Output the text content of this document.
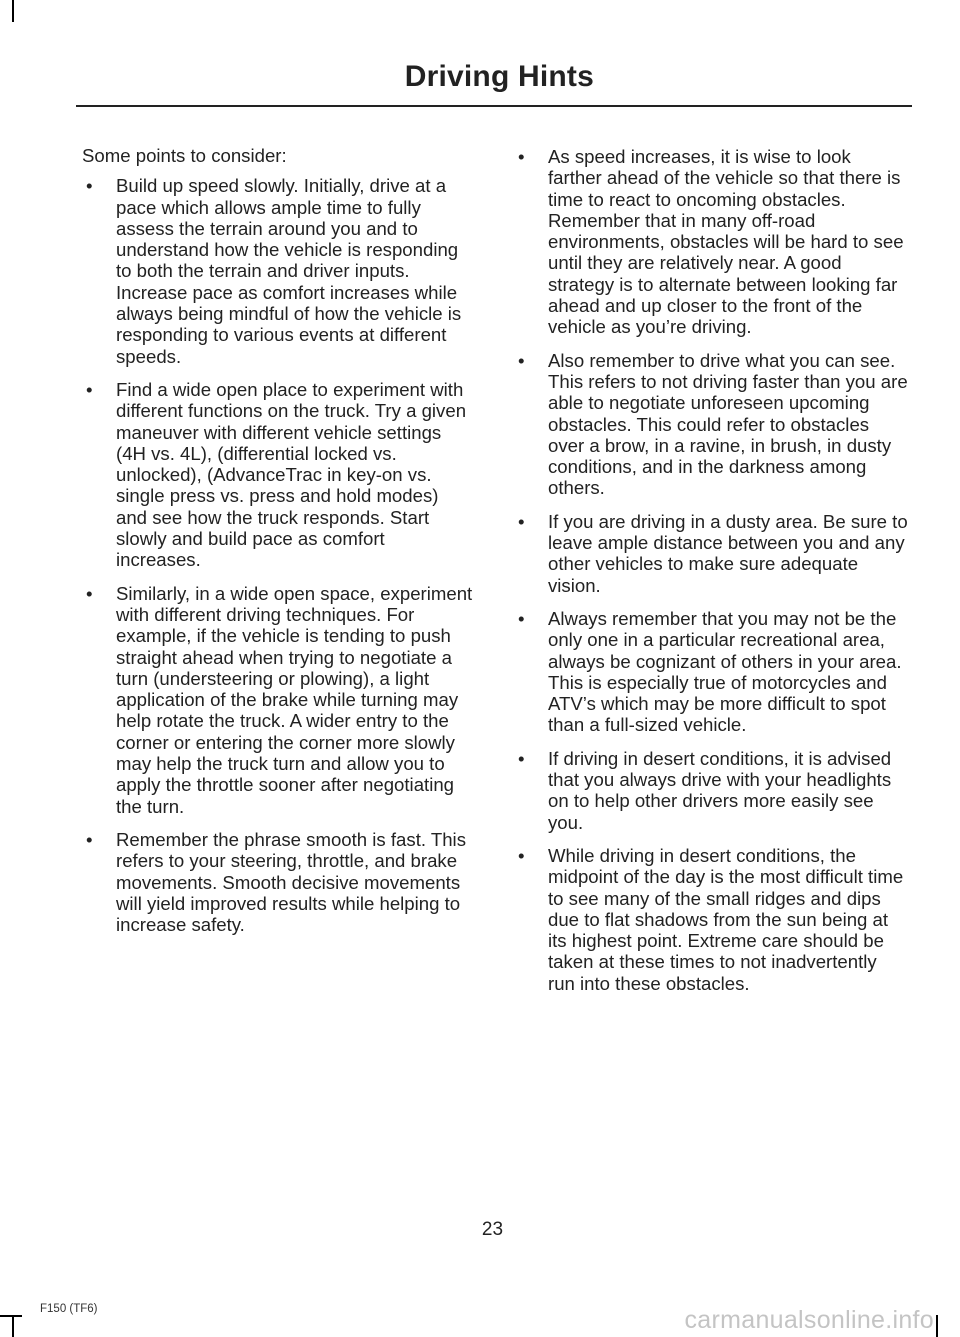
Driving Hints

Some points to consider:

• Build up speed slowly. Initially, drive at a pace which allows ample time to fully assess the terrain around you and to understand how the vehicle is responding to both the terrain and driver inputs. Increase pace as comfort increases while always being mindful of how the vehicle is responding to various events at different speeds.
• Find a wide open place to experiment with different functions on the truck. Try a given maneuver with different vehicle settings (4H vs. 4L), (differential locked vs. unlocked), (AdvanceTrac in key-on vs. single press vs. press and hold modes) and see how the truck responds. Start slowly and build pace as comfort increases.
• Similarly, in a wide open space, experiment with different driving techniques. For example, if the vehicle is tending to push straight ahead when trying to negotiate a turn (understeering or plowing), a light application of the brake while turning may help rotate the truck. A wider entry to the corner or entering the corner more slowly may help the truck turn and allow you to apply the throttle sooner after negotiating the turn.
• Remember the phrase smooth is fast. This refers to your steering, throttle, and brake movements. Smooth decisive movements will yield improved results while helping to increase safety.
• As speed increases, it is wise to look farther ahead of the vehicle so that there is time to react to oncoming obstacles. Remember that in many off-road environments, obstacles will be hard to see until they are relatively near. A good strategy is to alternate between looking far ahead and up closer to the front of the vehicle as you’re driving.
• Also remember to drive what you can see. This refers to not driving faster than you are able to negotiate unforeseen upcoming obstacles. This could refer to obstacles over a brow, in a ravine, in brush, in dusty conditions, and in the darkness among others.
• If you are driving in a dusty area. Be sure to leave ample distance between you and any other vehicles to make sure adequate vision.
• Always remember that you may not be the only one in a particular recreational area, always be cognizant of others in your area. This is especially true of motorcycles and ATV’s which may be more difficult to spot than a full-sized vehicle.
• If driving in desert conditions, it is advised that you always drive with your headlights on to help other drivers more easily see you.
• While driving in desert conditions, the midpoint of the day is the most difficult time to see many of the small ridges and dips due to flat shadows from the sun being at its highest point. Extreme care should be taken at these times to not inadvertently run into these obstacles.
23
F150 (TF6)	carmanualsonline.info
